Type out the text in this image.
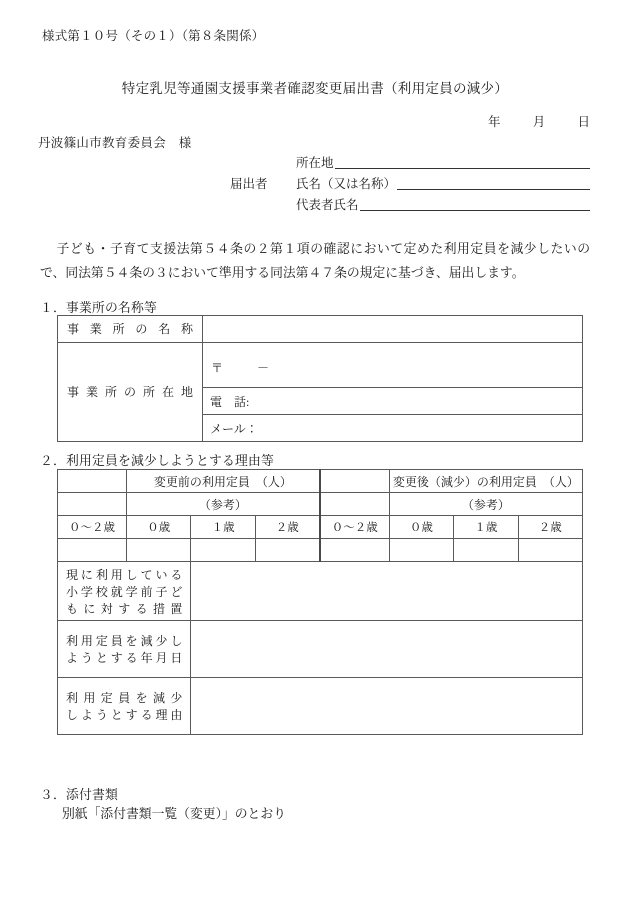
様式第１０号（その１）（第８条関係）
特定乳児等通園支援事業者確認変更届出書（利用定員の減少）
年	月	日
丹波篠山市教育委員会　様
所在地
届出者	氏名（又は名称）
代表者氏名
子ども・子育て支援法第５４条の２第１項の確認において定めた利用定員を減少したいので、同法第５４条の３において準用する同法第４７条の規定に基づき、届出します。
１．事業所の名称等
事業所の名称	

事業所の所在地	〒 －

	電　話:

	メール：
２．利用定員を減少しようとする理由等
	変更前の利用定員　（人）				変更後（減少）の利用定員　（人）		
	（参考）				（参考）		
０〜２歳	０歳	１歳	２歳	０〜２歳	０歳	１歳	２歳

現に利用している
小学校就学前子ど
もに対する措置							

利用定員を減少し
ようとする年月日							

利用定員を減少
しようとする理由							

３．添付書類
別紙「添付書類一覧（変更）」のとおり
